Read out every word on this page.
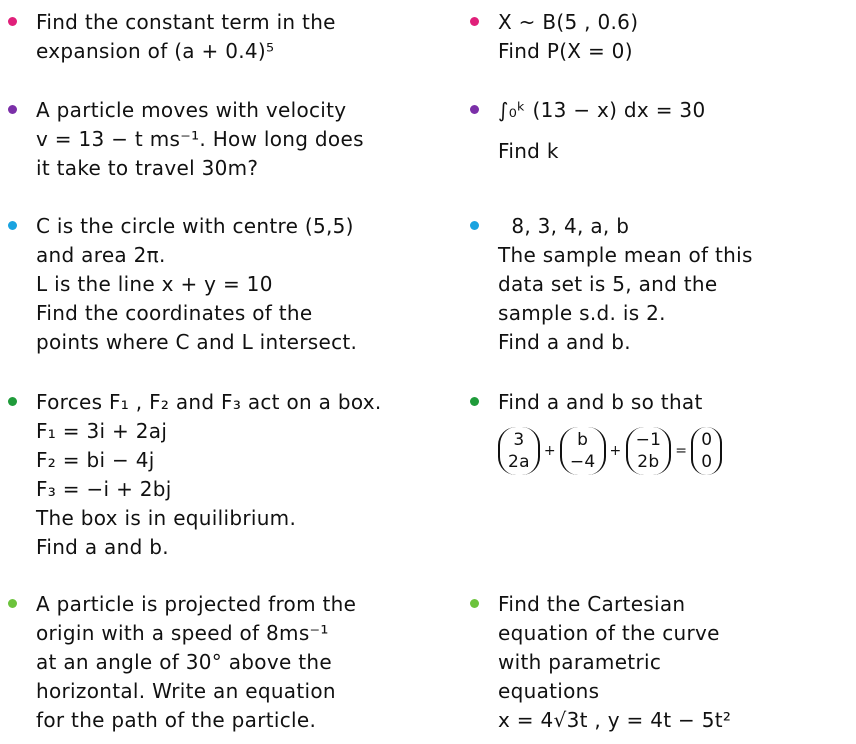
Find the constant term in the
expansion of (a + 0.4)⁵
A particle moves with velocity
v = 13 − t ms⁻¹. How long does
it take to travel 30m?
C is the circle with centre (5,5)
and area 2π.
L is the line x + y = 10
Find the coordinates of the
points where C and L intersect.
Forces F₁ , F₂ and F₃ act on a box.
F₁ = 3i + 2aj
F₂ = bi − 4j
F₃ = −i + 2bj
The box is in equilibrium.
Find a and b.
A particle is projected from the
origin with a speed of 8ms⁻¹
at an angle of 30° above the
horizontal. Write an equation
for the path of the particle.
X ~ B(5 , 0.6)
Find P(X = 0)
∫₀ᵏ (13 − x) dx = 30
Find k
8, 3, 4, a, b
The sample mean of this
data set is 5, and the
sample s.d. is 2.
Find a and b.
Find a and b so that
3
2a
+
b
−4
+
−1
2b
=
0
0
Find the Cartesian
equation of the curve
with parametric
equations
x = 4√3t , y = 4t − 5t²
